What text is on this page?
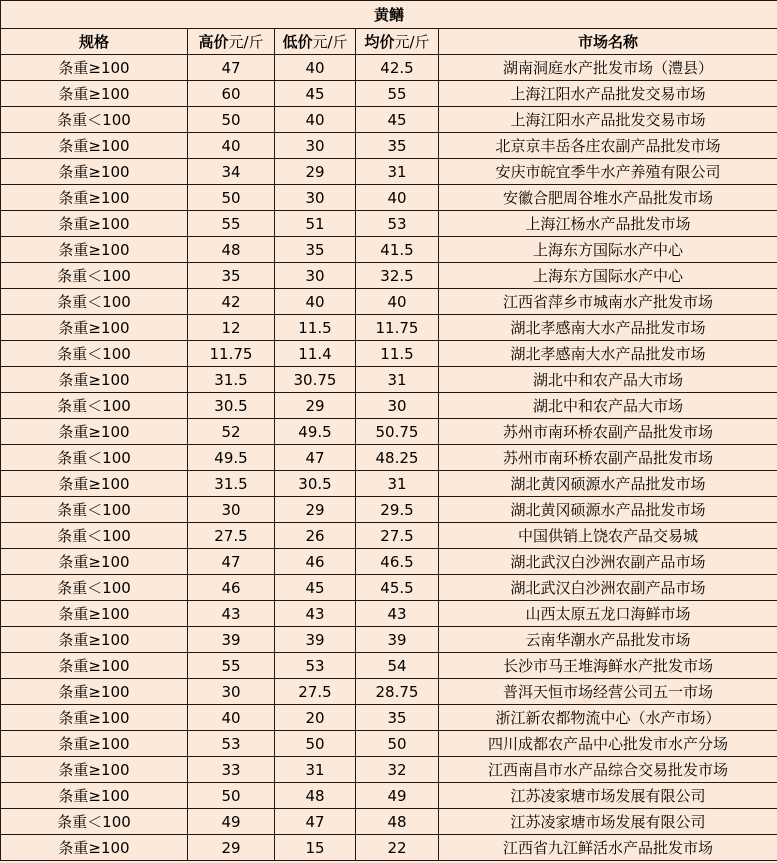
黄鳝				
规格	高价元/斤	低价元/斤	均价元/斤	市场名称
条重≥100	47	40	42.5	湖南洞庭水产批发市场（澧县）
条重≥100	60	45	55	上海江阳水产品批发交易市场
条重＜100	50	40	45	上海江阳水产品批发交易市场
条重≥100	40	30	35	北京京丰岳各庄农副产品批发市场
条重≥100	34	29	31	安庆市皖宜季牛水产养殖有限公司
条重≥100	50	30	40	安徽合肥周谷堆水产品批发市场
条重≥100	55	51	53	上海江杨水产品批发市场
条重≥100	48	35	41.5	上海东方国际水产中心
条重＜100	35	30	32.5	上海东方国际水产中心
条重＜100	42	40	40	江西省萍乡市城南水产批发市场
条重≥100	12	11.5	11.75	湖北孝感南大水产品批发市场
条重＜100	11.75	11.4	11.5	湖北孝感南大水产品批发市场
条重≥100	31.5	30.75	31	湖北中和农产品大市场
条重＜100	30.5	29	30	湖北中和农产品大市场
条重≥100	52	49.5	50.75	苏州市南环桥农副产品批发市场
条重＜100	49.5	47	48.25	苏州市南环桥农副产品批发市场
条重≥100	31.5	30.5	31	湖北黄冈硕源水产品批发市场
条重＜100	30	29	29.5	湖北黄冈硕源水产品批发市场
条重＜100	27.5	26	27.5	中国供销上饶农产品交易城
条重≥100	47	46	46.5	湖北武汉白沙洲农副产品市场
条重＜100	46	45	45.5	湖北武汉白沙洲农副产品市场
条重≥100	43	43	43	山西太原五龙口海鲜市场
条重≥100	39	39	39	云南华潮水产品批发市场
条重≥100	55	53	54	长沙市马王堆海鲜水产批发市场
条重≥100	30	27.5	28.75	普洱天恒市场经营公司五一市场
条重≥100	40	20	35	浙江新农都物流中心（水产市场）
条重≥100	53	50	50	四川成都农产品中心批发市水产分场
条重≥100	33	31	32	江西南昌市水产品综合交易批发市场
条重≥100	50	48	49	江苏凌家塘市场发展有限公司
条重＜100	49	47	48	江苏凌家塘市场发展有限公司
条重≥100	29	15	22	江西省九江鲜活水产品批发市场
